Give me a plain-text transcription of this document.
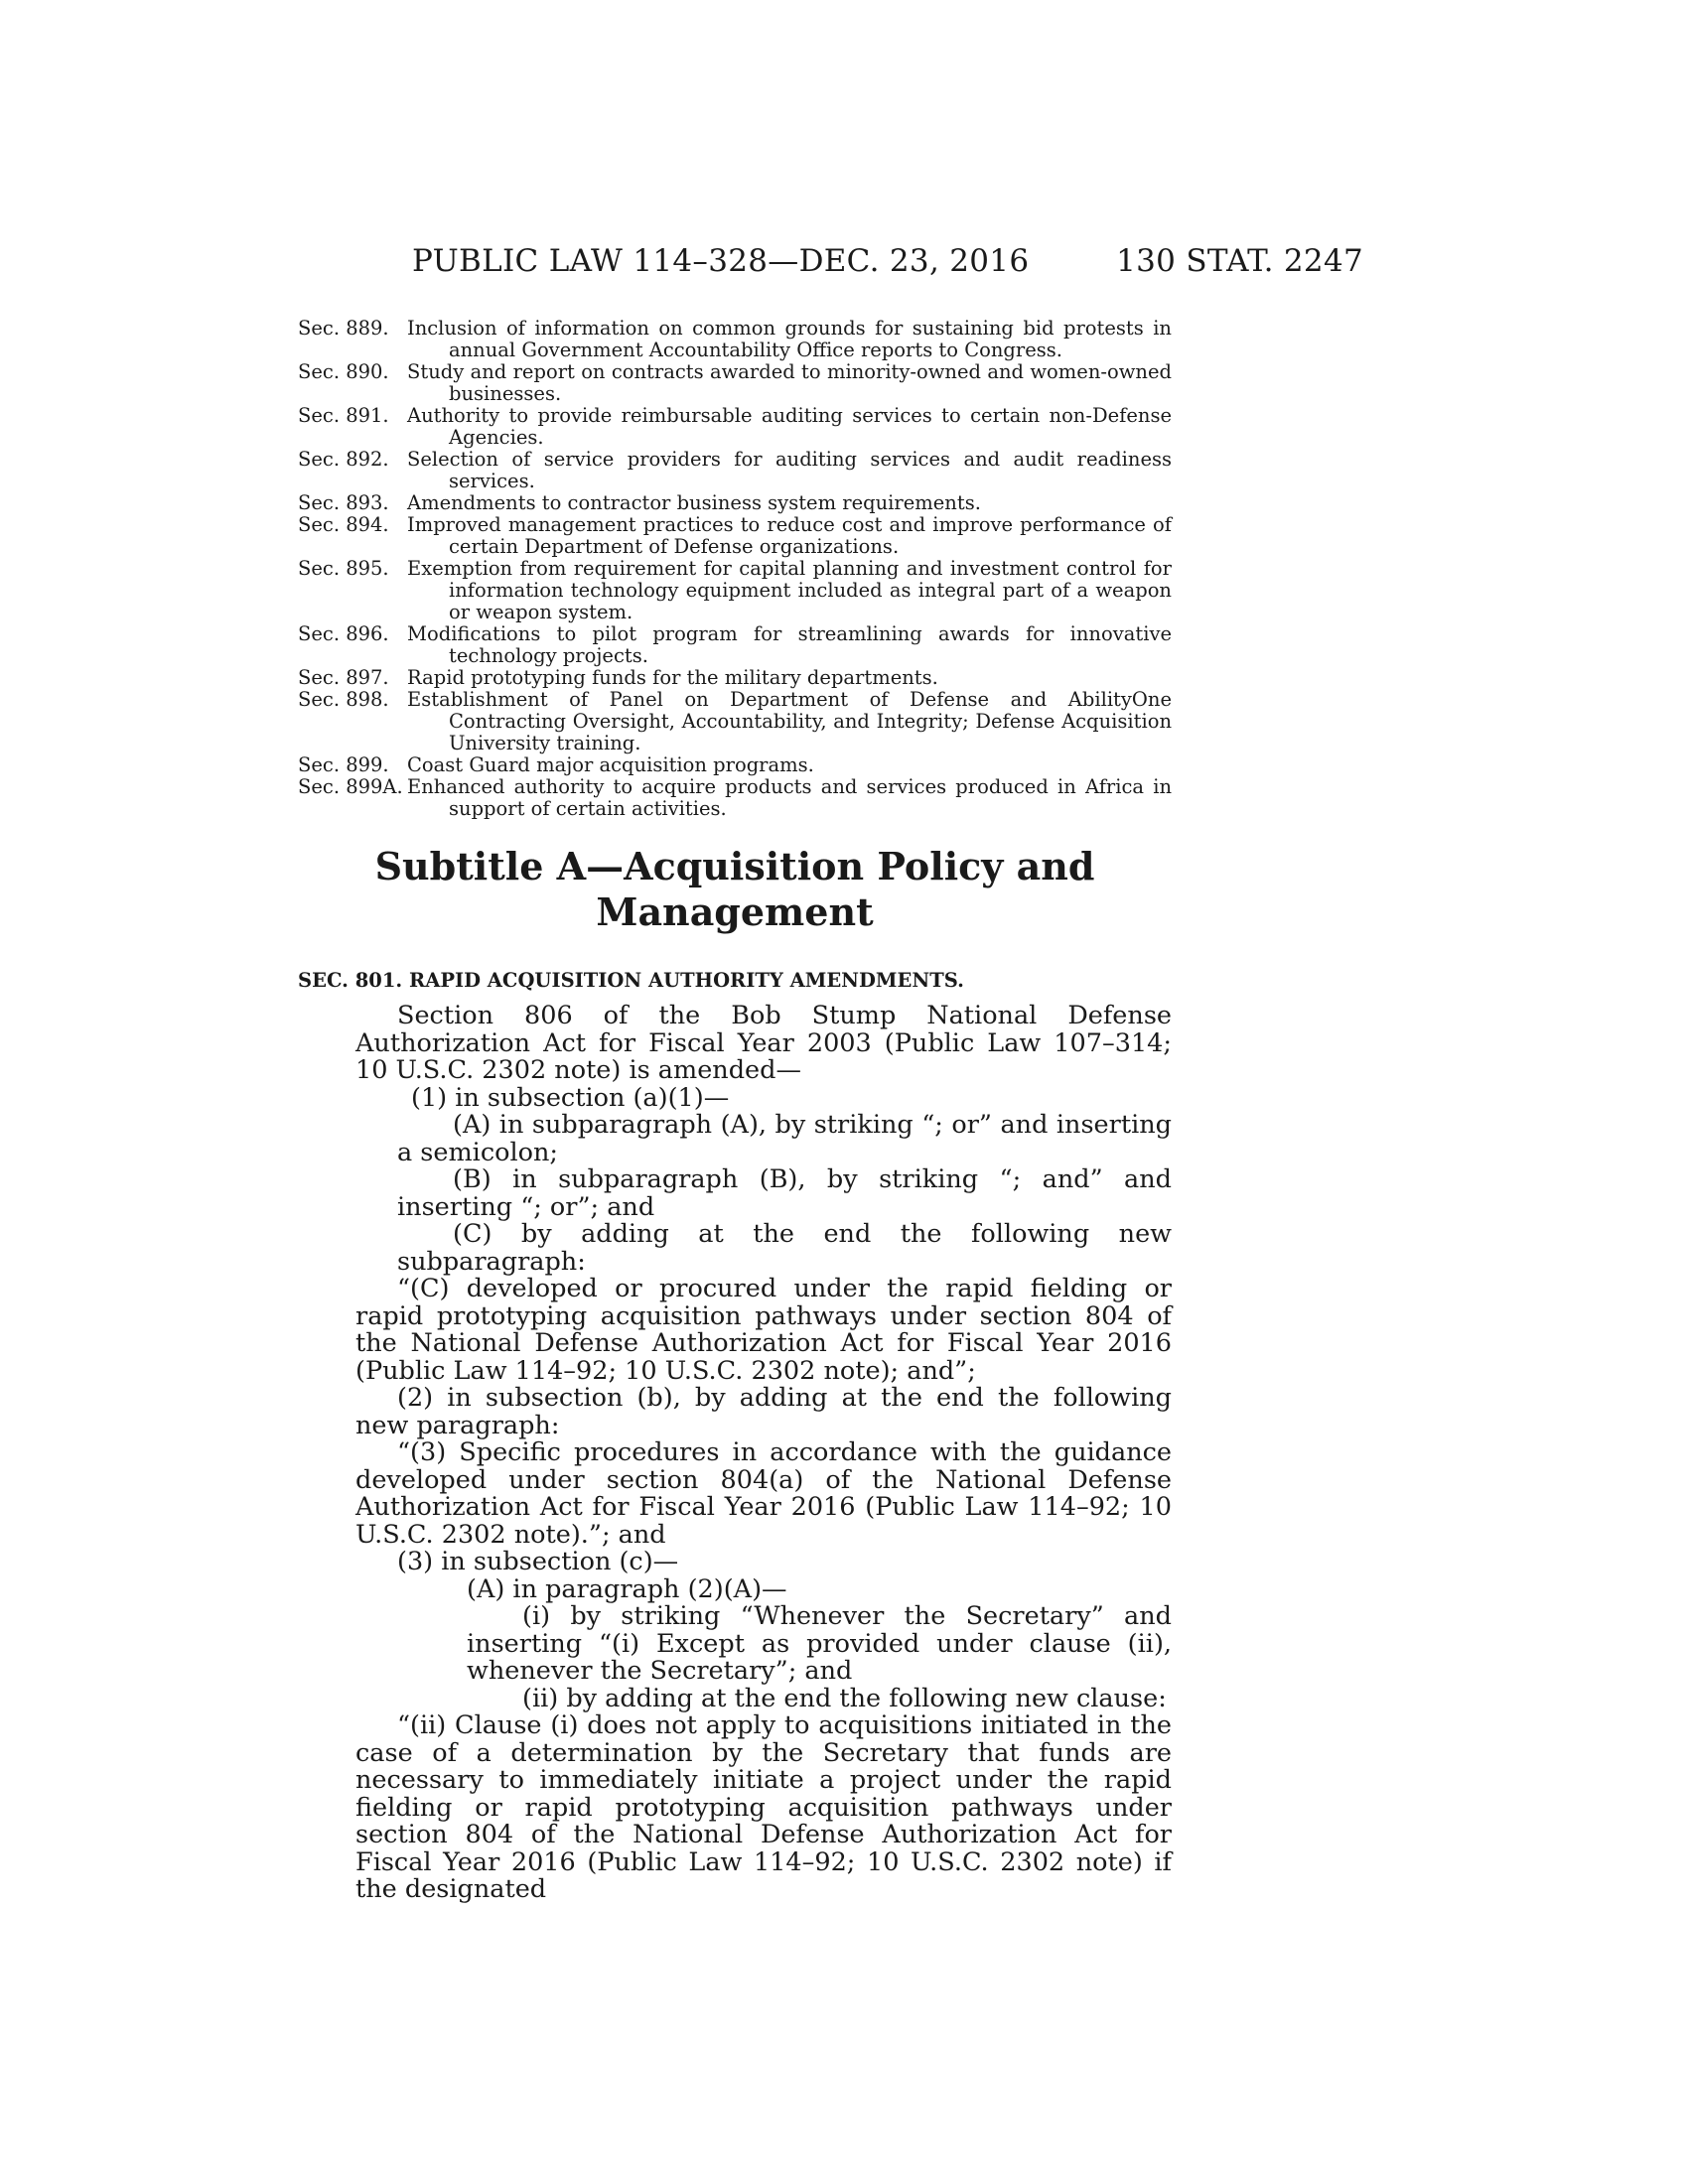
PUBLIC LAW 114–328—DEC. 23, 2016	130 STAT. 2247
Sec. 889. Inclusion of information on common grounds for sustaining bid protests in annual Government Accountability Office reports to Congress.
Sec. 890. Study and report on contracts awarded to minority-owned and women-owned businesses.
Sec. 891. Authority to provide reimbursable auditing services to certain non-Defense Agencies.
Sec. 892. Selection of service providers for auditing services and audit readiness services.
Sec. 893. Amendments to contractor business system requirements.
Sec. 894. Improved management practices to reduce cost and improve performance of certain Department of Defense organizations.
Sec. 895. Exemption from requirement for capital planning and investment control for information technology equipment included as integral part of a weapon or weapon system.
Sec. 896. Modifications to pilot program for streamlining awards for innovative technology projects.
Sec. 897. Rapid prototyping funds for the military departments.
Sec. 898. Establishment of Panel on Department of Defense and AbilityOne Contracting Oversight, Accountability, and Integrity; Defense Acquisition University training.
Sec. 899. Coast Guard major acquisition programs.
Sec. 899A. Enhanced authority to acquire products and services produced in Africa in support of certain activities.
Subtitle A—Acquisition Policy and
Management
SEC. 801. RAPID ACQUISITION AUTHORITY AMENDMENTS.

Section 806 of the Bob Stump National Defense Authorization Act for Fiscal Year 2003 (Public Law 107–314; 10 U.S.C. 2302 note) is amended—

(1) in subsection (a)(1)—

(A) in subparagraph (A), by striking “; or” and inserting a semicolon;

(B) in subparagraph (B), by striking “; and” and inserting “; or”; and

(C) by adding at the end the following new subparagraph:

“(C) developed or procured under the rapid fielding or rapid prototyping acquisition pathways under section 804 of the National Defense Authorization Act for Fiscal Year 2016 (Public Law 114–92; 10 U.S.C. 2302 note); and”;

(2) in subsection (b), by adding at the end the following new paragraph:

“(3) Specific procedures in accordance with the guidance developed under section 804(a) of the National Defense Authorization Act for Fiscal Year 2016 (Public Law 114–92; 10 U.S.C. 2302 note).”; and

(3) in subsection (c)—

(A) in paragraph (2)(A)—

(i) by striking “Whenever the Secretary” and inserting “(i) Except as provided under clause (ii), whenever the Secretary”; and

(ii) by adding at the end the following new clause:

“(ii) Clause (i) does not apply to acquisitions initiated in the case of a determination by the Secretary that funds are necessary to immediately initiate a project under the rapid fielding or rapid prototyping acquisition pathways under section 804 of the National Defense Authorization Act for Fiscal Year 2016 (Public Law 114–92; 10 U.S.C. 2302 note) if the designated
